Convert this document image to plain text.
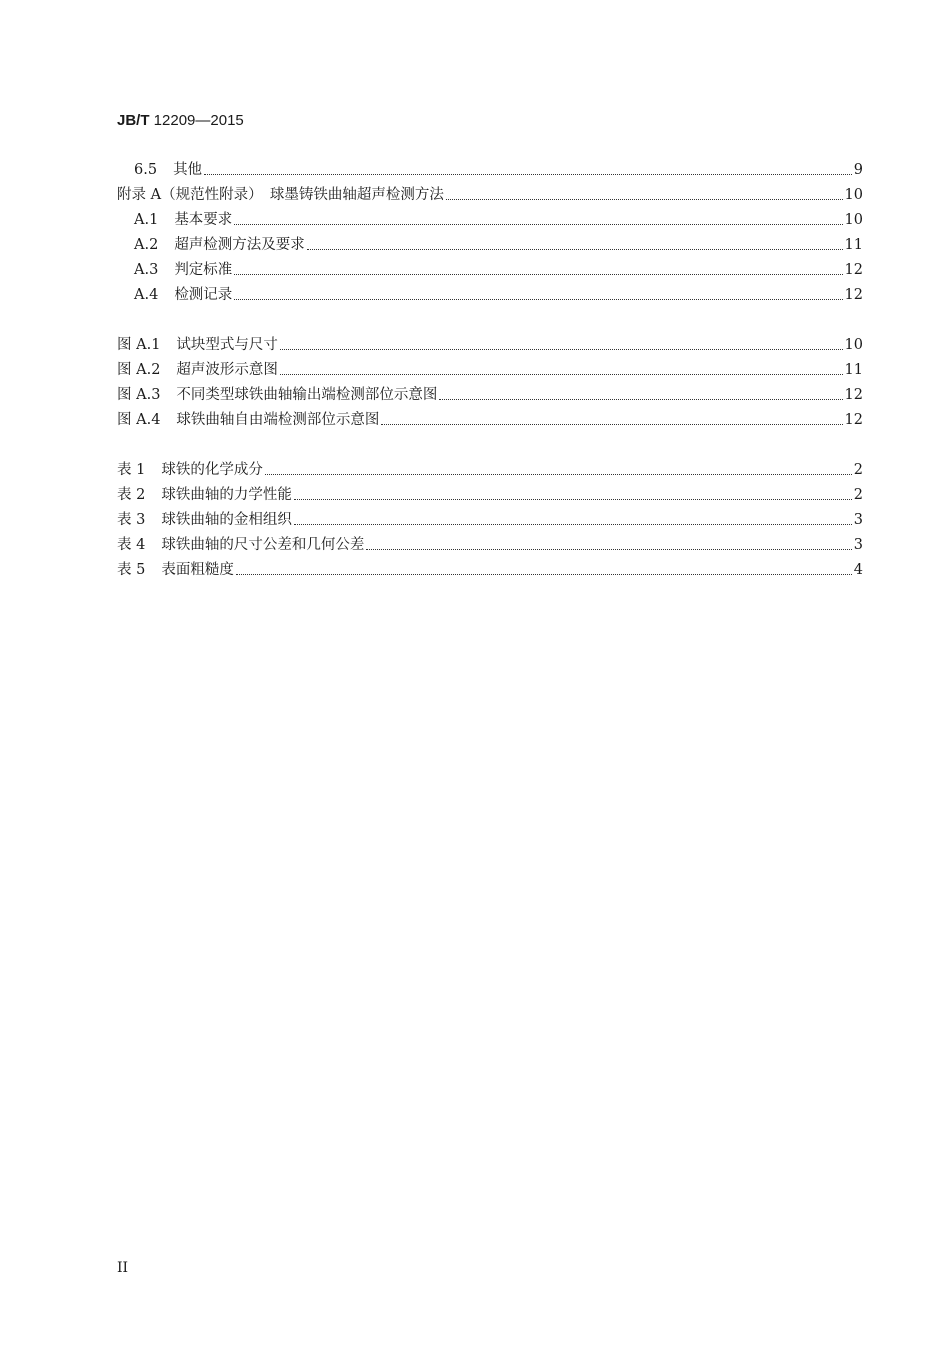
JB/T 12209—2015
6.5 其他	9
附录 A （规范性附录）　球墨铸铁曲轴超声检测方法	10
A.1 基本要求	10
A.2 超声检测方法及要求	11
A.3 判定标准	12
A.4 检测记录	12
图 A.1 试块型式与尺寸	10
图 A.2 超声波形示意图	11
图 A.3 不同类型球铁曲轴输出端检测部位示意图	12
图 A.4 球铁曲轴自由端检测部位示意图	12
表 1 球铁的化学成分	2
表 2 球铁曲轴的力学性能	2
表 3 球铁曲轴的金相组织	3
表 4 球铁曲轴的尺寸公差和几何公差	3
表 5 表面粗糙度	4
II
